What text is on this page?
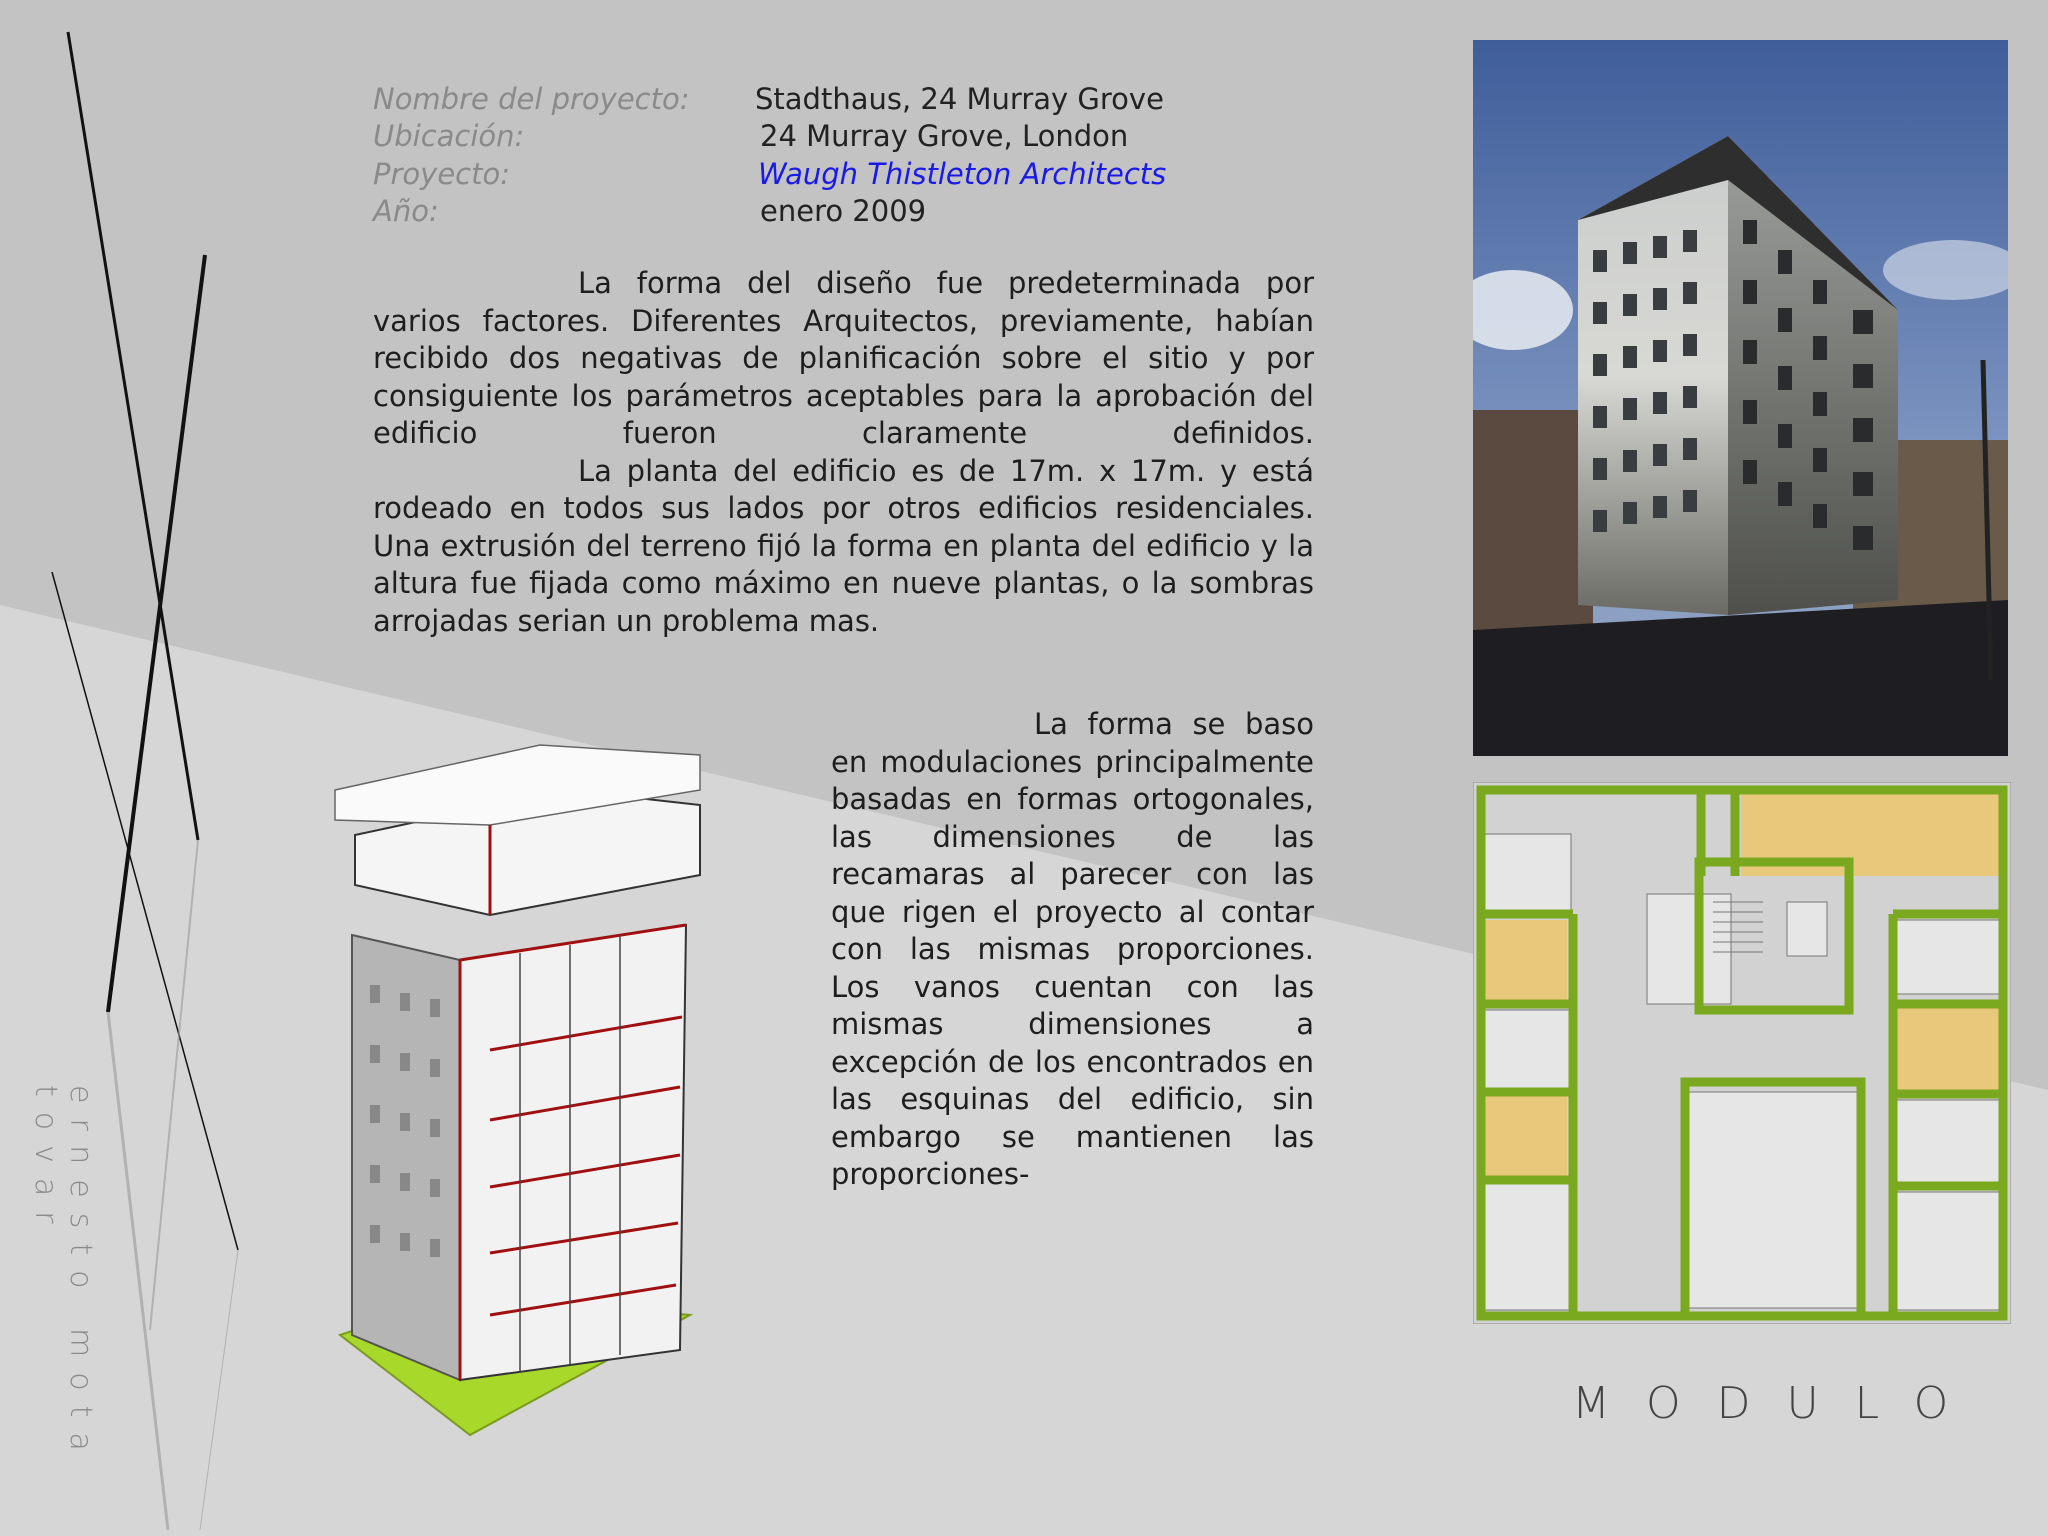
Nombre del proyecto: Stadthaus, 24 Murray Grove
Ubicación:	24 Murray Grove, London
Proyecto:	Waugh Thistleton Architects
Año:	enero 2009

La forma del diseño fue predeterminada por varios factores. Diferentes Arquitectos, previamente, habían recibido dos negativas de planificación sobre el sitio y por consiguiente los parámetros aceptables para la aprobación del edificio fueron claramente definidos.

La planta del edificio es de 17m. x 17m. y está rodeado en todos sus lados por otros edificios residenciales. Una extrusión del terreno fijó la forma en planta del edificio y la altura fue fijada como máximo en nueve plantas, o la sombras arrojadas serian un problema mas.

La forma se baso en modulaciones principalmente basadas en formas ortogonales, las dimensiones de las recamaras al parecer con las que rigen el proyecto al contar con las mismas proporciones. Los vanos cuentan con las mismas dimensiones a excepción de los encontrados en las esquinas del edificio, sin embargo se mantienen las proporciones-

ernesto mota tovar
MODULO
